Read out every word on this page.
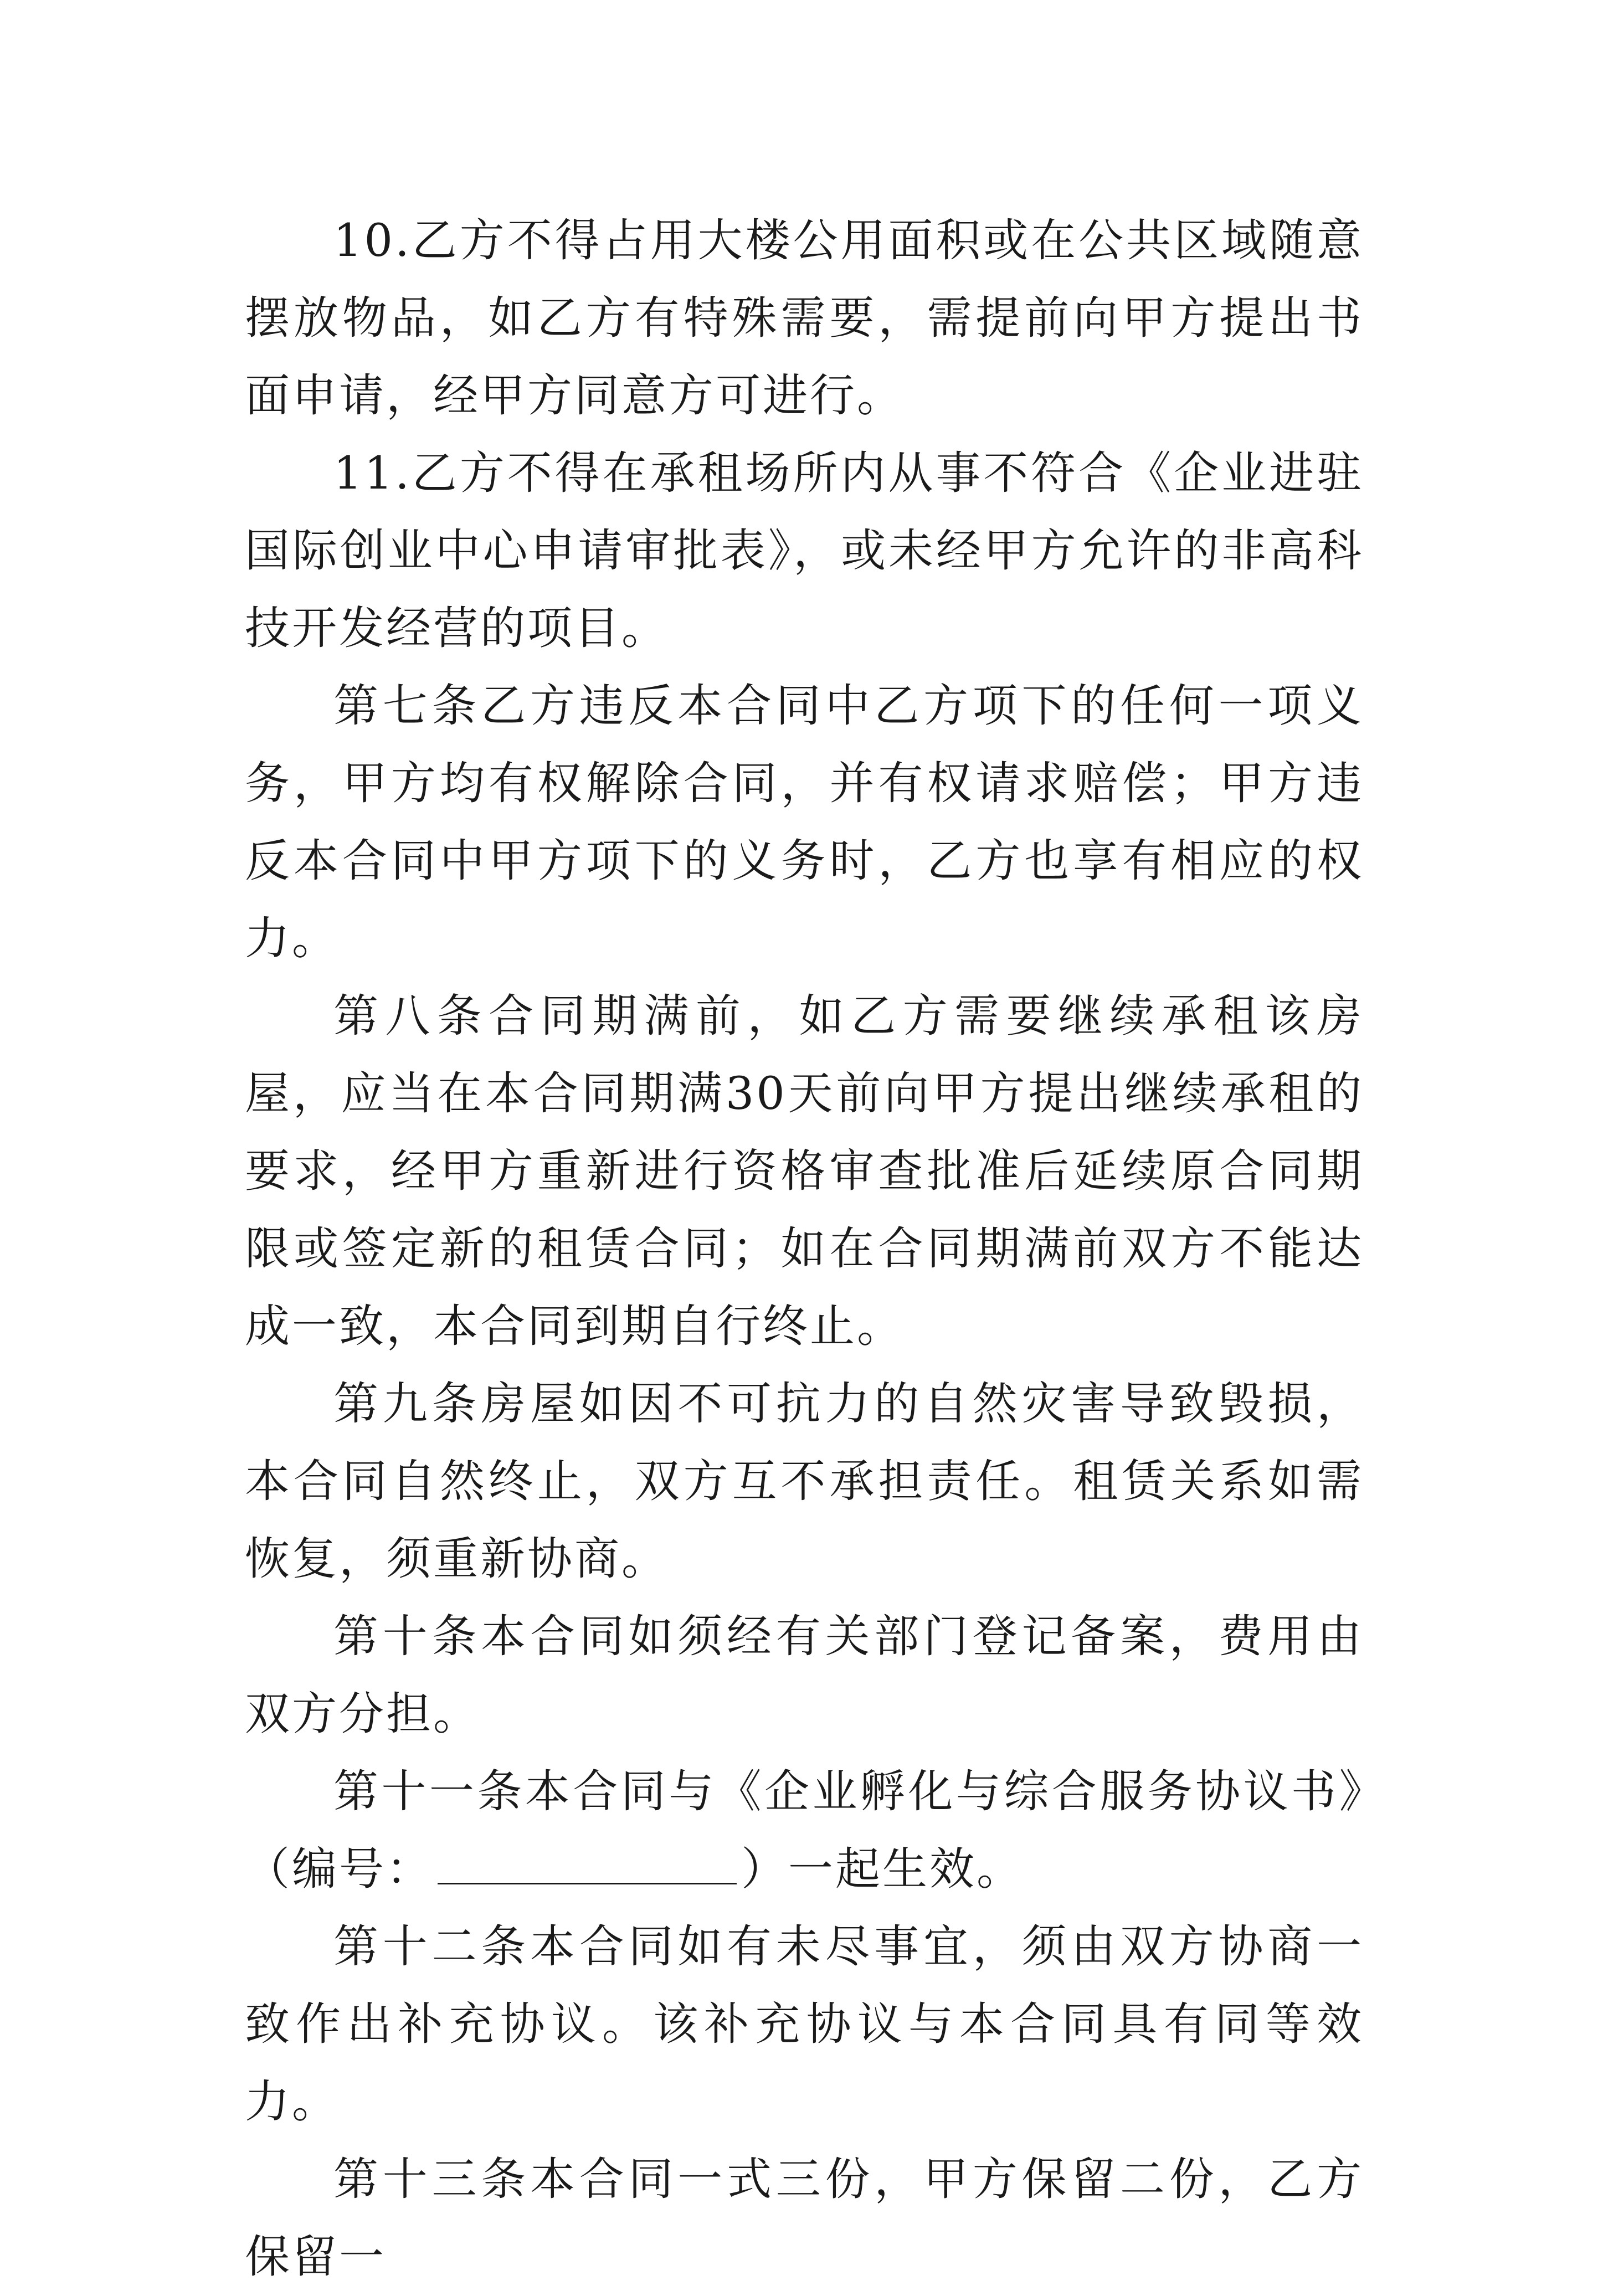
10.乙方不得占用大楼公用面积或在公共区域随意摆放物品，如乙方有特殊需要，需提前向甲方提出书面申请，经甲方同意方可进行。

11.乙方不得在承租场所内从事不符合《企业进驻国际创业中心申请审批表》，或未经甲方允许的非高科技开发经营的项目。

第七条乙方违反本合同中乙方项下的任何一项义务，甲方均有权解除合同，并有权请求赔偿；甲方违反本合同中甲方项下的义务时，乙方也享有相应的权力。

第八条合同期满前，如乙方需要继续承租该房屋，应当在本合同期满30天前向甲方提出继续承租的要求，经甲方重新进行资格审查批准后延续原合同期限或签定新的租赁合同；如在合同期满前双方不能达成一致，本合同到期自行终止。

第九条房屋如因不可抗力的自然灾害导致毁损，本合同自然终止，双方互不承担责任。租赁关系如需恢复，须重新协商。

第十条本合同如须经有关部门登记备案，费用由双方分担。

第十一条本合同与《企业孵化与综合服务协议书》（编号：	）一起生效。

第十二条本合同如有未尽事宜，须由双方协商一致作出补充协议。该补充协议与本合同具有同等效力。

第十三条本合同一式三份，甲方保留二份，乙方保留一
